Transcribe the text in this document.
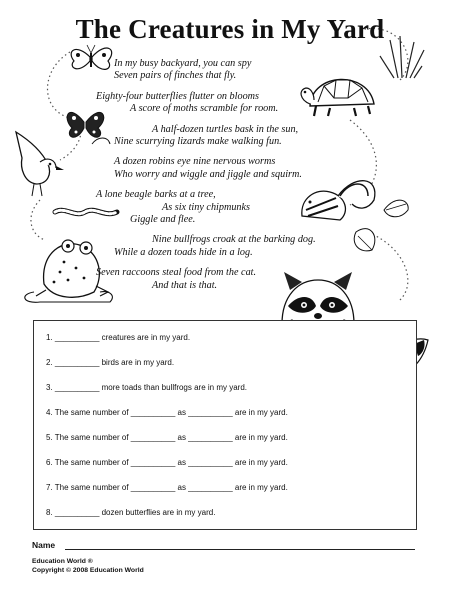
The Creatures in My Yard
In my busy backyard, you can spy
Seven pairs of finches that fly.
Eighty-four butterflies flutter on blooms
A score of moths scramble for room.
A half-dozen turtles bask in the sun,
Nine scurrying lizards make walking fun.
A dozen robins eye nine nervous worms
Who worry and wiggle and jiggle and squirm.
A lone beagle barks at a tree,
As six tiny chipmunks
Giggle and flee.
Nine bullfrogs croak at the barking dog.
While a dozen toads hide in a log.
Seven raccoons steal food from the cat.
And that is that.
1. __________ creatures are in my yard.
2. __________ birds are in my yard.
3. __________ more toads than bullfrogs are in my yard.
4. The same number of __________ as __________ are in my yard.
5. The same number of __________ as __________ are in my yard.
6. The same number of __________ as __________ are in my yard.
7. The same number of __________ as __________ are in my yard.
8. __________ dozen butterflies are in my yard.
Name
Education World ®
Copyright © 2008 Education World
